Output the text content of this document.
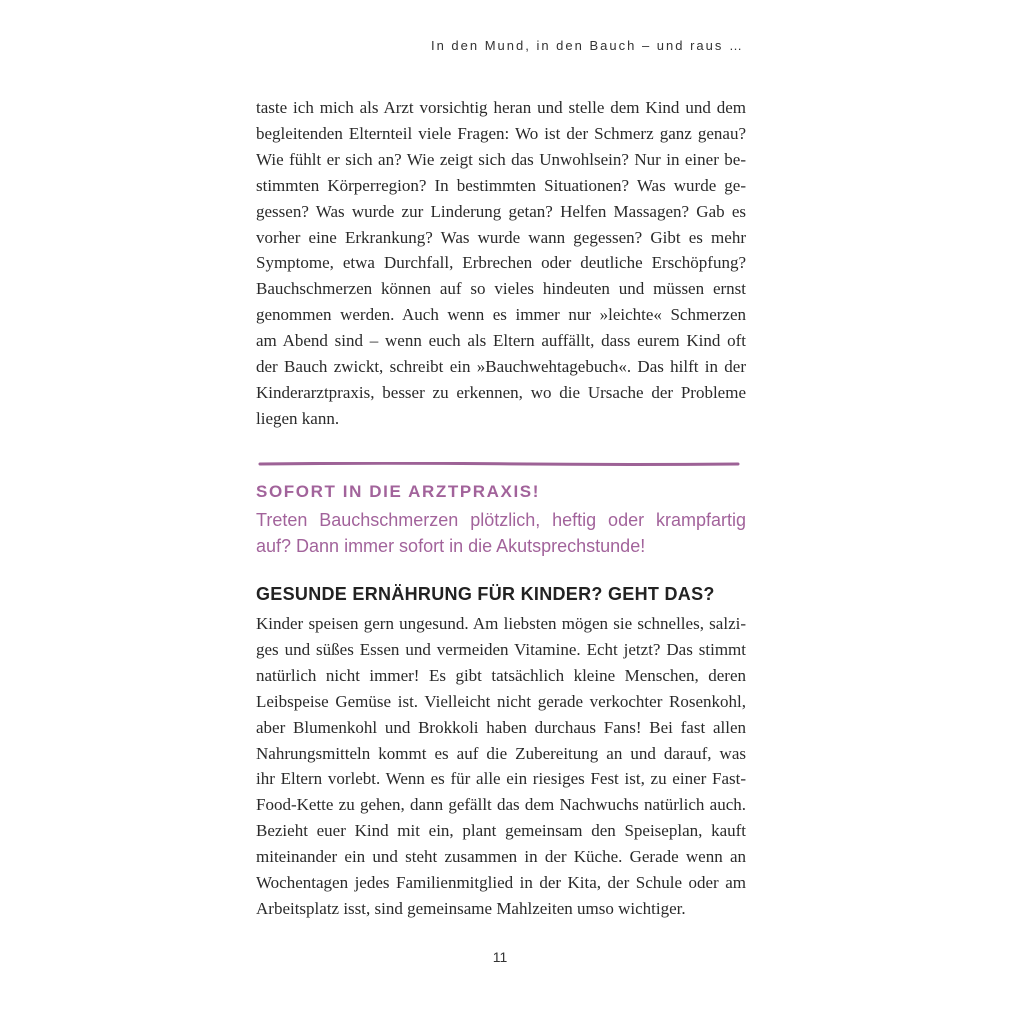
In den Mund, in den Bauch – und raus …
taste ich mich als Arzt vorsichtig heran und stelle dem Kind und dem
begleitenden Elternteil viele Fragen: Wo ist der Schmerz ganz genau?
Wie fühlt er sich an? Wie zeigt sich das Unwohlsein? Nur in einer be-
stimmten Körperregion? In bestimmten Situationen? Was wurde ge-
gessen? Was wurde zur Linderung getan? Helfen Massagen? Gab es
vorher eine Erkrankung? Was wurde wann gegessen? Gibt es mehr
Symptome, etwa Durchfall, Erbrechen oder deutliche Erschöpfung?
Bauchschmerzen können auf so vieles hindeuten und müssen ernst
genommen werden. Auch wenn es immer nur »leichte« Schmerzen
am Abend sind – wenn euch als Eltern auffällt, dass eurem Kind oft
der Bauch zwickt, schreibt ein »Bauchwehtagebuch«. Das hilft in der
Kinderarztpraxis, besser zu erkennen, wo die Ursache der Probleme
liegen kann.
SOFORT IN DIE ARZTPRAXIS!
Treten Bauchschmerzen plötzlich, heftig oder krampfartig
auf? Dann immer sofort in die Akutsprechstunde!
GESUNDE ERNÄHRUNG FÜR KINDER? GEHT DAS?
Kinder speisen gern ungesund. Am liebsten mögen sie schnelles, salzi-
ges und süßes Essen und vermeiden Vitamine. Echt jetzt? Das stimmt
natürlich nicht immer! Es gibt tatsächlich kleine Menschen, deren
Leibspeise Gemüse ist. Vielleicht nicht gerade verkochter Rosenkohl,
aber Blumenkohl und Brokkoli haben durchaus Fans! Bei fast allen
Nahrungsmitteln kommt es auf die Zubereitung an und darauf, was
ihr Eltern vorlebt. Wenn es für alle ein riesiges Fest ist, zu einer Fast-
Food-Kette zu gehen, dann gefällt das dem Nachwuchs natürlich auch.
Bezieht euer Kind mit ein, plant gemeinsam den Speiseplan, kauft
miteinander ein und steht zusammen in der Küche. Gerade wenn an
Wochentagen jedes Familienmitglied in der Kita, der Schule oder am
Arbeitsplatz isst, sind gemeinsame Mahlzeiten umso wichtiger.
11
